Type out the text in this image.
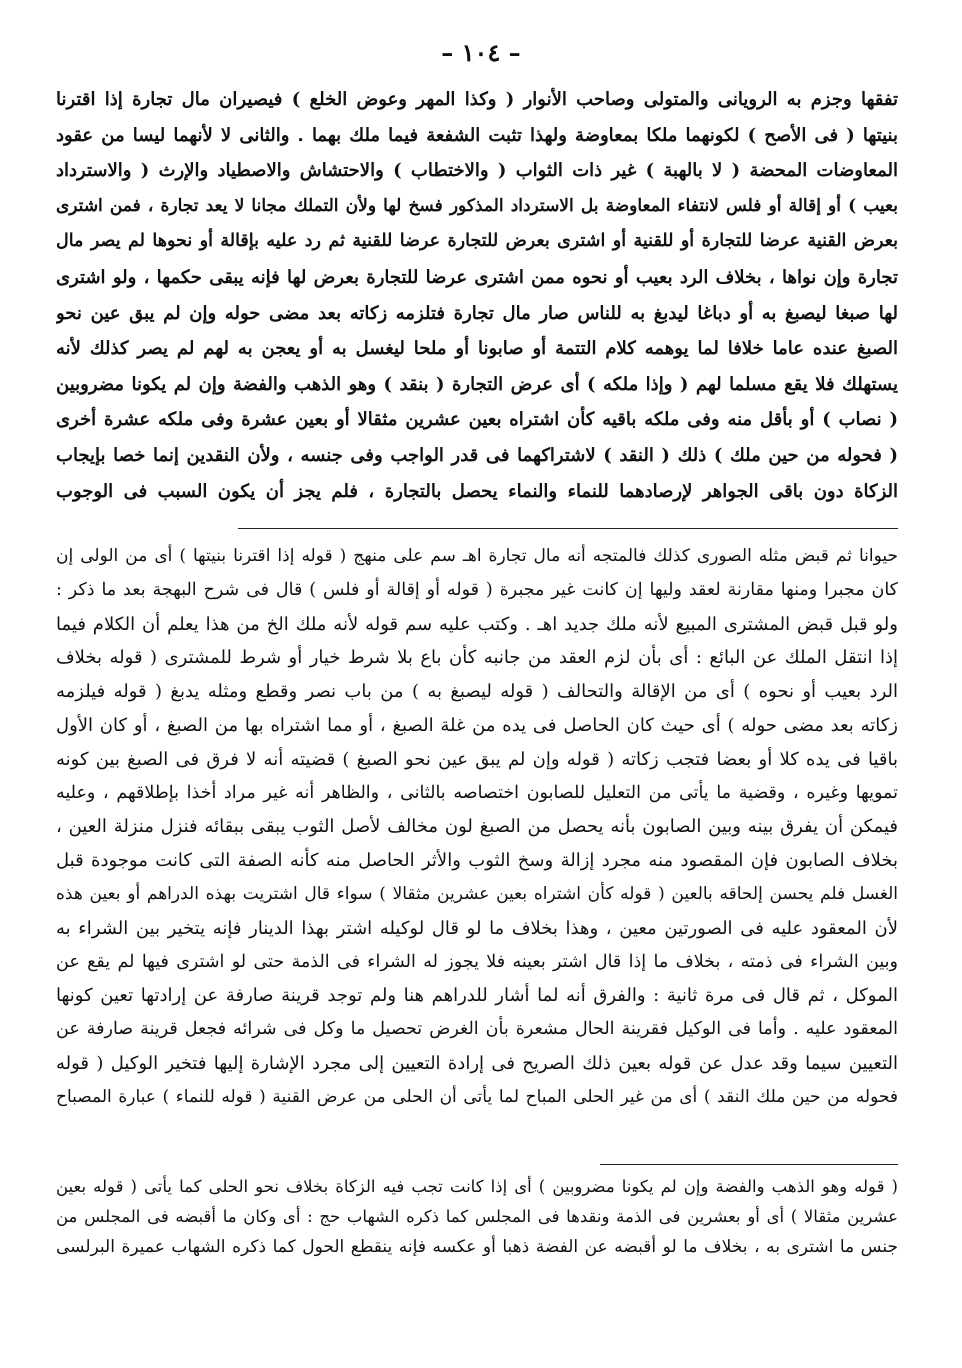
– ١٠٤ –
تفقها وجزم به الرويانى والمتولى وصاحب الأنوار ( وكذا المهر وعوض الخلع ) فيصيران مال تجارة إذا اقترنا
بنيتها ( فى الأصح ) لكونهما ملكا بمعاوضة ولهذا تثبت الشفعة فيما ملك بهما . والثانى لا لأنهما ليسا من عقود
المعاوضات المحضة ( لا بالهبة ) غير ذات الثواب ( والاختطاب ) والاحتشاش والاصطياد والإرث ( والاسترداد
بعيب ) أو إقالة أو فلس لانتفاء المعاوضة بل الاسترداد المذكور فسخ لها ولأن التملك مجانا لا يعد تجارة ، فمن اشترى
بعرض القنية عرضا للتجارة أو للقنية أو اشترى بعرض للتجارة عرضا للقنية ثم رد عليه بإقالة أو نحوها لم يصر مال
تجارة وإن نواها ، بخلاف الرد بعيب أو نحوه ممن اشترى عرضا للتجارة بعرض لها فإنه يبقى حكمها ، ولو اشترى
لها صبغا ليصبغ به أو دباغا ليدبغ به للناس صار مال تجارة فتلزمه زكاته بعد مضى حوله وإن لم يبق عين نحو
الصبغ عنده عاما خلافا لما يوهمه كلام التتمة أو صابونا أو ملحا ليغسل به أو يعجن به لهم لم يصر كذلك لأنه
يستهلك فلا يقع مسلما لهم ( وإذا ملكه ) أى عرض التجارة ( بنقد ) وهو الذهب والفضة وإن لم يكونا مضروبين
( نصاب ) أو بأقل منه وفى ملكه باقيه كأن اشتراه بعين عشرين مثقالا أو بعين عشرة وفى ملكه عشرة أخرى
( فحوله من حين ملك ) ذلك ( النقد ) لاشتراكهما فى قدر الواجب وفى جنسه ، ولأن النقدين إنما خصا بإيجاب
الزكاة دون باقى الجواهر لإرصادهما للنماء والنماء يحصل بالتجارة ، فلم يجز أن يكون السبب فى الوجوب
حيوانا ثم قبض مثله الصورى كذلك فالمتجه أنه مال تجارة اهـ سم على منهج ( قوله إذا اقترنا بنيتها ) أى من الولى إن
كان مجبرا ومنها مقارنة لعقد وليها إن كانت غير مجبرة ( قوله أو إقالة أو فلس ) قال فى شرح البهجة بعد ما ذكر :
ولو قبل قبض المشترى المبيع لأنه ملك جديد اهـ . وكتب عليه سم قوله لأنه ملك الخ من هذا يعلم أن الكلام فيما
إذا انتقل الملك عن البائع : أى بأن لزم العقد من جانبه كأن باع بلا شرط خيار أو شرط للمشترى ( قوله بخلاف
الرد بعيب أو نحوه ) أى من الإقالة والتحالف ( قوله ليصبغ به ) من باب نصر وقطع ومثله يدبغ ( قوله فيلزمه
زكاته بعد مضى حوله ) أى حيث كان الحاصل فى يده من غلة الصبغ ، أو مما اشتراه بها من الصبغ ، أو كان الأول
باقيا فى يده كلا أو بعضا فتجب زكاته ( قوله وإن لم يبق عين نحو الصبغ ) قضيته أنه لا فرق فى الصبغ بين كونه
تمويها وغيره ، وقضية ما يأتى من التعليل للصابون اختصاصه بالثانى ، والظاهر أنه غير مراد أخذا بإطلاقهم ، وعليه
فيمكن أن يفرق بينه وبين الصابون بأنه يحصل من الصبغ لون مخالف لأصل الثوب يبقى ببقائه فنزل منزلة العين ،
بخلاف الصابون فإن المقصود منه مجرد إزالة وسخ الثوب والأثر الحاصل منه كأنه الصفة التى كانت موجودة قبل
الغسل فلم يحسن إلحاقه بالعين ( قوله كأن اشتراه بعين عشرين مثقالا ) سواء قال اشتريت بهذه الدراهم أو بعين هذه
لأن المعقود عليه فى الصورتين معين ، وهذا بخلاف ما لو قال لوكيله اشتر بهذا الدينار فإنه يتخير بين الشراء به
وبين الشراء فى ذمته ، بخلاف ما إذا قال اشتر بعينه فلا يجوز له الشراء فى الذمة حتى لو اشترى فيها لم يقع عن
الموكل ، ثم قال فى مرة ثانية : والفرق أنه لما أشار للدراهم هنا ولم توجد قرينة صارفة عن إرادتها تعين كونها
المعقود عليه . وأما فى الوكيل فقرينة الحال مشعرة بأن الغرض تحصيل ما وكل فى شرائه فجعل قرينة صارفة عن
التعيين سيما وقد عدل عن قوله بعين ذلك الصريح فى إرادة التعيين إلى مجرد الإشارة إليها فتخير الوكيل ( قوله
فحوله من حين ملك النقد ) أى من غير الحلى المباح لما يأتى أن الحلى من عرض القنية ( قوله للنماء ) عبارة المصباح
( قوله وهو الذهب والفضة وإن لم يكونا مضروبين ) أى إذا كانت تجب فيه الزكاة بخلاف نحو الحلى كما يأتى ( قوله بعين
عشرين مثقالا ) أى أو بعشرين فى الذمة ونقدها فى المجلس كما ذكره الشهاب حج : أى وكان ما أقبضه فى المجلس من
جنس ما اشترى به ، بخلاف ما لو أقبضه عن الفضة ذهبا أو عكسه فإنه ينقطع الحول كما ذكره الشهاب عميرة البرلسى
